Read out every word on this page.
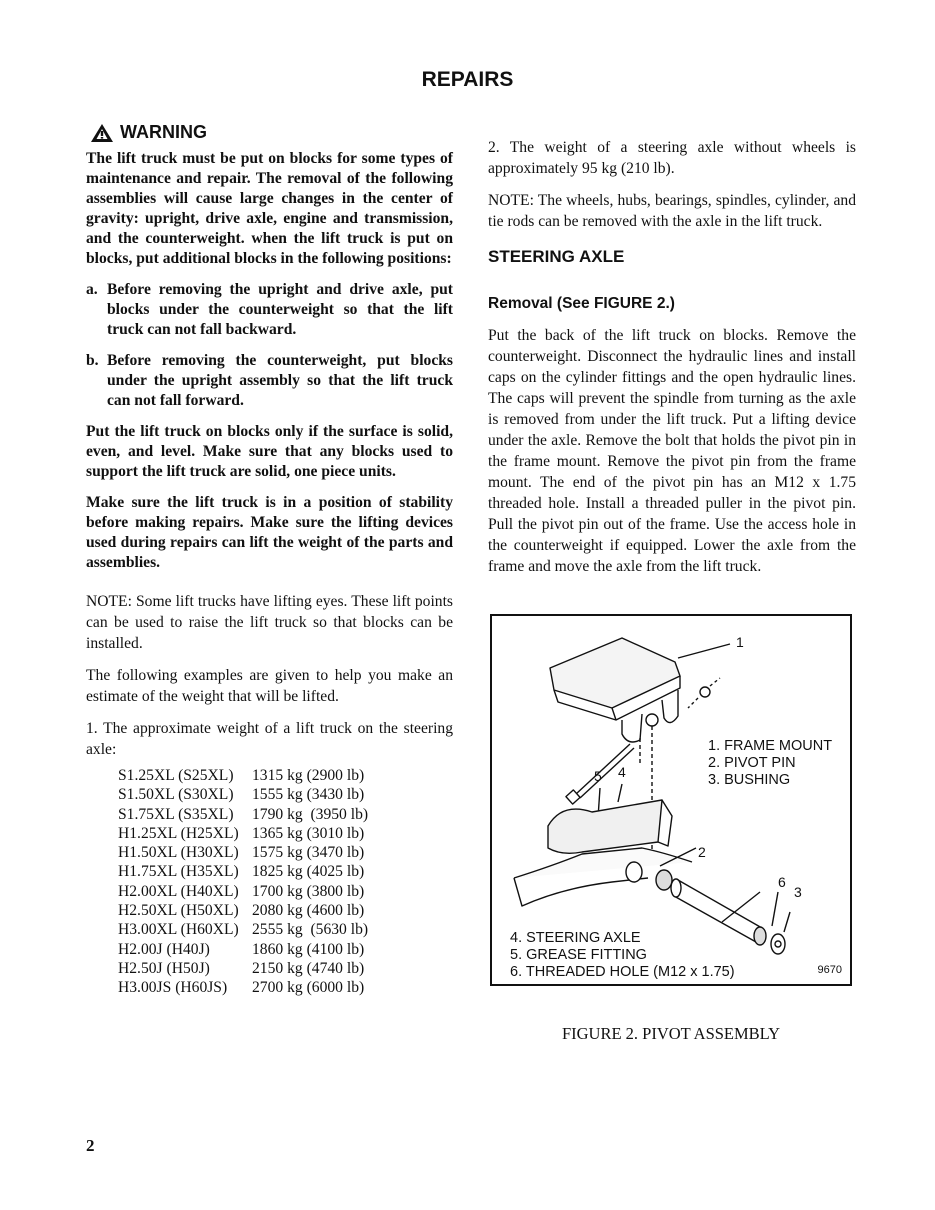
REPAIRS
WARNING

The lift truck must be put on blocks for some types of maintenance and repair. The removal of the following assemblies will cause large changes in the center of gravity: upright, drive axle, engine and transmission, and the counterweight. when the lift truck is put on blocks, put additional blocks in the following positions:

a. Before removing the upright and drive axle, put blocks under the counterweight so that the lift truck can not fall backward.
b. Before removing the counterweight, put blocks under the upright assembly so that the lift truck can not fall forward.

Put the lift truck on blocks only if the surface is solid, even, and level. Make sure that any blocks used to support the lift truck are solid, one piece units.

Make sure the lift truck is in a position of stability before making repairs. Make sure the lifting devices used during repairs can lift the weight of the parts and assemblies.

NOTE: Some lift trucks have lifting eyes. These lift points can be used to raise the lift truck so that blocks can be installed.

The following examples are given to help you make an estimate of the weight that will be lifted.

1. The approximate weight of a lift truck on the steering axle:

S1.25XL (S25XL)	1315 kg (2900 lb)
S1.50XL (S30XL)	1555 kg (3430 lb)
S1.75XL (S35XL)	1790 kg  (3950 lb)
H1.25XL (H25XL)	1365 kg (3010 lb)
H1.50XL (H30XL)	1575 kg (3470 lb)
H1.75XL (H35XL)	1825 kg (4025 lb)
H2.00XL (H40XL)	1700 kg (3800 lb)
H2.50XL (H50XL)	2080 kg (4600 lb)
H3.00XL (H60XL)	2555 kg  (5630 lb)
H2.00J (H40J)	1860 kg (4100 lb)
H2.50J (H50J)	2150 kg (4740 lb)
H3.00JS (H60JS)	2700 kg (6000 lb)

2. The weight of a steering axle without wheels is approximately 95 kg (210 lb).

NOTE: The wheels, hubs, bearings, spindles, cylinder, and tie rods can be removed with the axle in the lift truck.

STEERING AXLE
Removal (See FIGURE 2.)

Put the back of the lift truck on blocks. Remove the counterweight. Disconnect the hydraulic lines and install caps on the cylinder fittings and the open hydraulic lines. The caps will prevent the spindle from turning as the axle is removed from under the lift truck. Put a lifting device under the axle. Remove the bolt that holds the pivot pin in the frame mount. Remove the pivot pin from the frame mount. The end of the pivot pin has an M12 x 1.75 threaded hole. Install a threaded puller in the pivot pin. Pull the pivot pin out of the frame. Use the access hole in the counterweight if equipped. Lower the axle from the frame and move the axle from the lift truck.

1
2
3
4
5
6
1. FRAME MOUNT
2. PIVOT PIN
3. BUSHING
4. STEERING AXLE
5. GREASE FITTING
6. THREADED HOLE (M12 x 1.75)	9670
FIGURE 2. PIVOT ASSEMBLY
2
